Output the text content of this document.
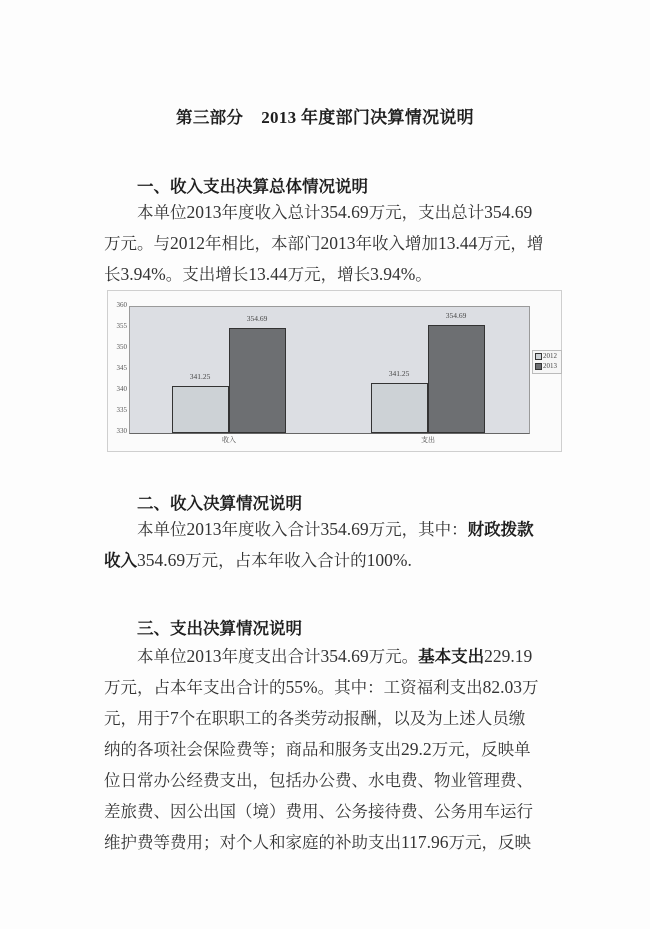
第三部分 2013 年度部门决算情况说明
一、收入支出决算总体情况说明
本单位2013年度收入总计354.69万元，支出总计354.69
万元。与2012年相比，本部门2013年收入增加13.44万元，增
长3.94%。支出增长13.44万元，增长3.94%。
360
355
350
345
340
335
330
341.25
354.69
341.25
354.69
收入	支出
2012
2013
二、收入决算情况说明
本单位2013年度收入合计354.69万元，其中：财政拨款
收入354.69万元，占本年收入合计的100%.
三、支出决算情况说明
本单位2013年度支出合计354.69万元。基本支出229.19
万元，占本年支出合计的55%。其中：工资福利支出82.03万
元，用于7个在职职工的各类劳动报酬，以及为上述人员缴
纳的各项社会保险费等；商品和服务支出29.2万元，反映单
位日常办公经费支出，包括办公费、水电费、物业管理费、
差旅费、因公出国（境）费用、公务接待费、公务用车运行
维护费等费用；对个人和家庭的补助支出117.96万元，反映
